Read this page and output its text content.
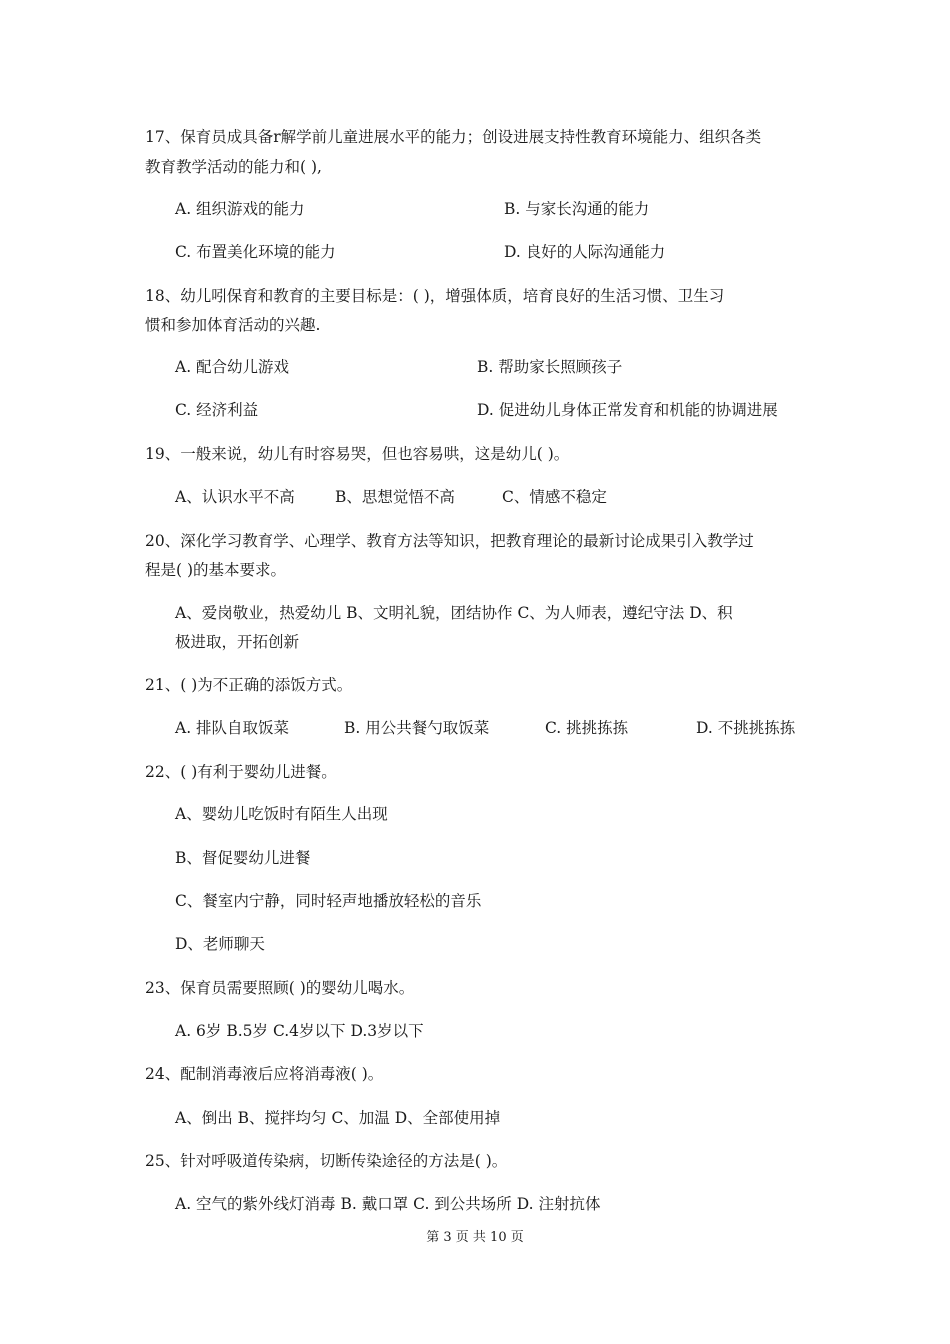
17、保育员成具备r解学前儿童进展水平的能力；创设进展支持性教育环境能力、组织各类
教育教学活动的能力和( ),
A. 组织游戏的能力	B. 与家长沟通的能力
C. 布置美化环境的能力	D. 良好的人际沟通能力
18、幼儿吲保育和教育的主要目标是：( )，增强体质，培育良好的生活习惯、卫生习
惯和参加体育活动的兴趣.
A. 配合幼儿游戏	B. 帮助家长照顾孩子
C. 经济利益	D. 促进幼儿身体正常发育和机能的协调进展
19、一般来说，幼儿有时容易哭，但也容易哄，这是幼儿( )。
A、认识水平不高	B、思想觉悟不高	C、情感不稳定
20、深化学习教育学、心理学、教育方法等知识，把教育理论的最新讨论成果引入教学过
程是( )的基本要求。
A、爱岗敬业，热爱幼儿 B、文明礼貌，团结协作 C、为人师表，遵纪守法 D、积
极进取，开拓创新
21、( )为不正确的添饭方式。
A. 排队自取饭菜	B. 用公共餐勺取饭菜	C. 挑挑拣拣	D. 不挑挑拣拣
22、( )有利于婴幼儿进餐。
A、婴幼儿吃饭时有陌生人出现
B、督促婴幼儿进餐
C、餐室内宁静，同时轻声地播放轻松的音乐
D、老师聊天
23、保育员需要照顾( )的婴幼儿喝水。
A. 6岁 B.5岁 C.4岁以下 D.3岁以下
24、配制消毒液后应将消毒液( )。
A、倒出 B、搅拌均匀 C、加温 D、全部使用掉
25、针对呼吸道传染病，切断传染途径的方法是( )。
A. 空气的紫外线灯消毒 B. 戴口罩 C. 到公共场所 D. 注射抗体
第 3 页 共 10 页
